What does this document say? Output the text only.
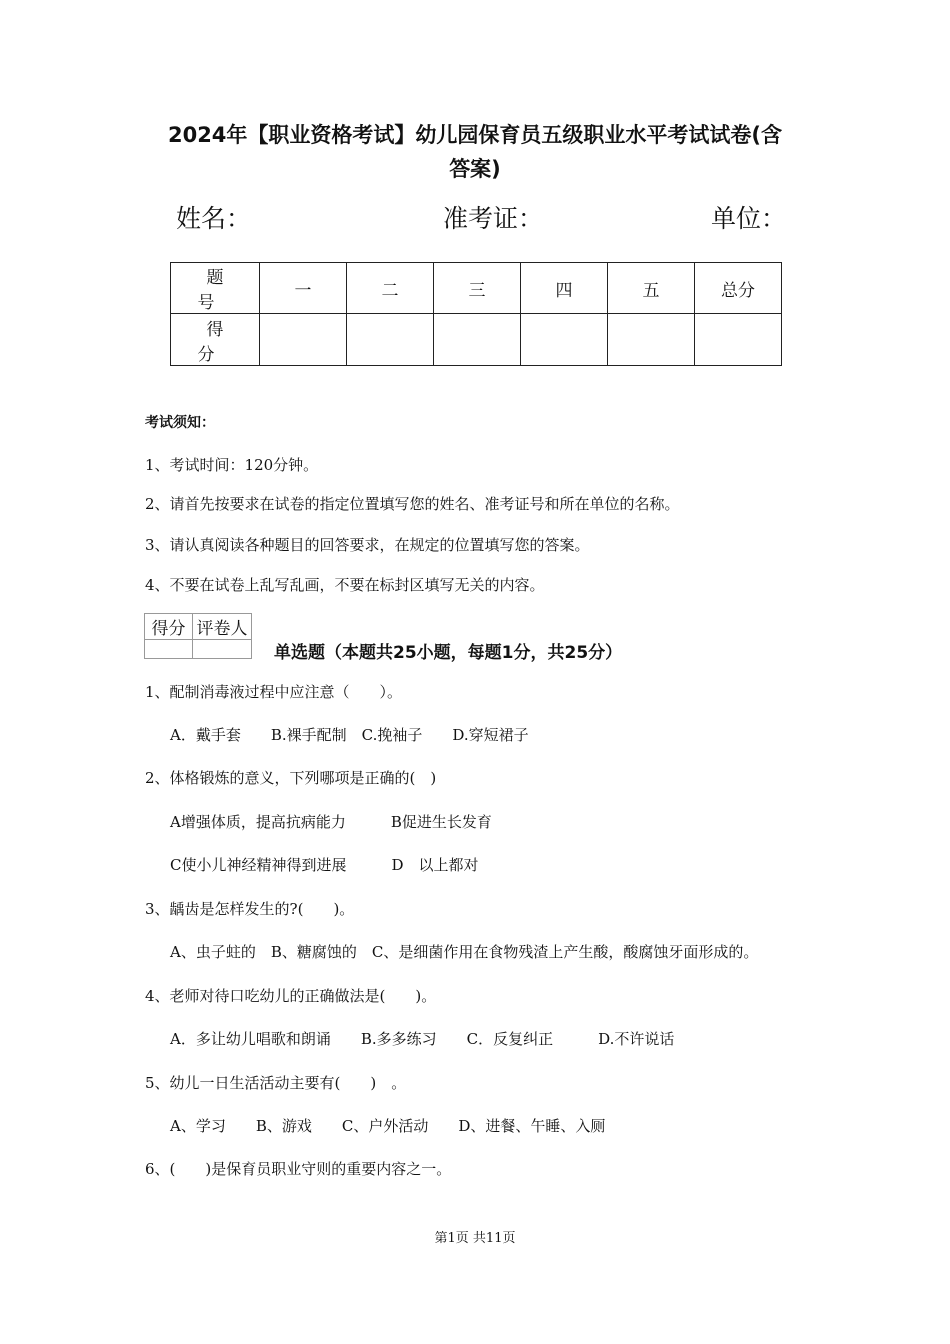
2024年【职业资格考试】幼儿园保育员五级职业水平考试试卷(含
答案)
姓名：	准考证：	单位：
题　号	一	二	三	四	五	总分
得　分						
考试须知：
1、考试时间：120分钟。
2、请首先按要求在试卷的指定位置填写您的姓名、准考证号和所在单位的名称。
3、请认真阅读各种题目的回答要求，在规定的位置填写您的答案。
4、不要在试卷上乱写乱画，不要在标封区填写无关的内容。
得分	评卷人

单选题（本题共25小题，每题1分，共25分）
1、配制消毒液过程中应注意（　　）。
A．戴手套　　B.裸手配制　C.挽袖子　　D.穿短裙子
2、体格锻炼的意义，下列哪项是正确的(　)
A增强体质，提高抗病能力　　　B促进生长发育
C使小儿神经精神得到进展　　　D　以上都对
3、龋齿是怎样发生的?(　　)。
A、虫子蛀的　B、糖腐蚀的　C、是细菌作用在食物残渣上产生酸，酸腐蚀牙面形成的。
4、老师对待口吃幼儿的正确做法是(　　)。
A．多让幼儿唱歌和朗诵　　B.多多练习　　C．反复纠正　　　D.不许说话
5、幼儿一日生活活动主要有(　　)　。
A、学习　　B、游戏　　C、户外活动　　D、进餐、午睡、入厕
6、(　　)是保育员职业守则的重要内容之一。
第1页 共11页
